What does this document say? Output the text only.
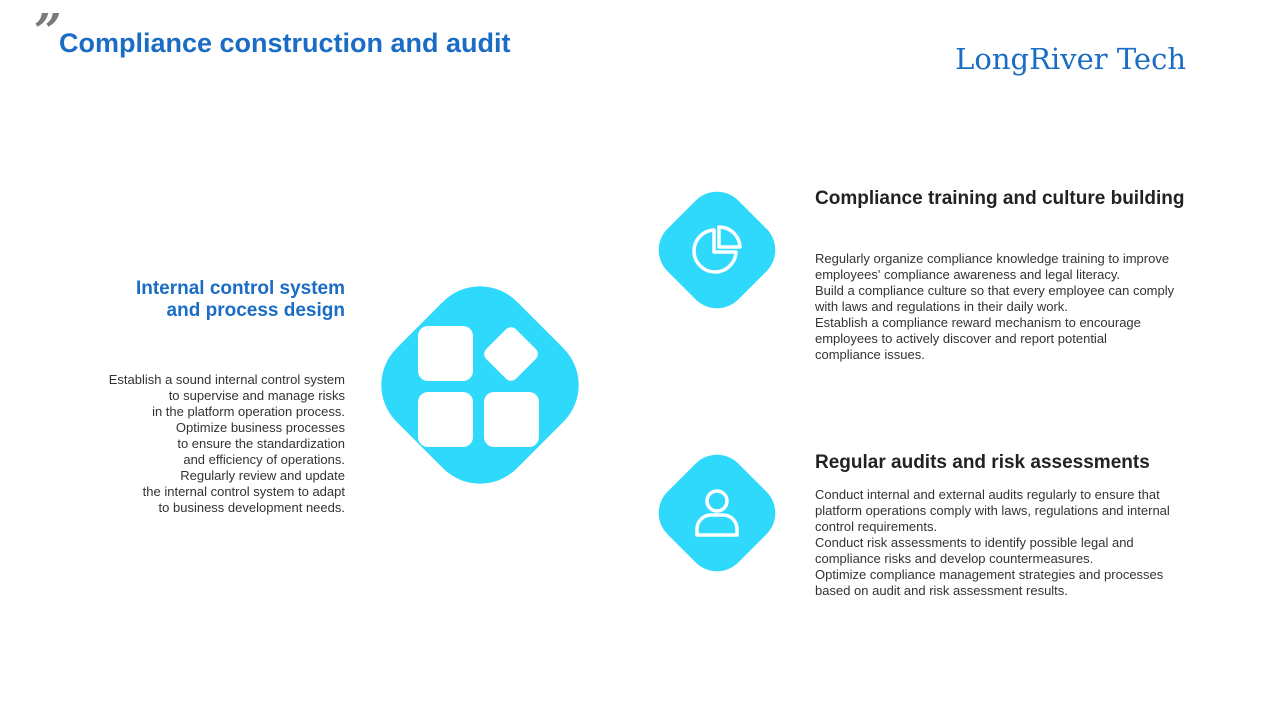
”
Compliance construction and audit	LongRiver Tech
Internal control system
and process design
Establish a sound internal control system
to supervise and manage risks
in the platform operation process.
Optimize business processes
to ensure the standardization
and efficiency of operations.
Regularly review and update
the internal control system to adapt
to business development needs.
Compliance training and culture building
Regularly organize compliance knowledge training to improve
employees' compliance awareness and legal literacy.
Build a compliance culture so that every employee can comply
with laws and regulations in their daily work.
Establish a compliance reward mechanism to encourage
employees to actively discover and report potential
compliance issues.
Regular audits and risk assessments
Conduct internal and external audits regularly to ensure that
platform operations comply with laws, regulations and internal
control requirements.
Conduct risk assessments to identify possible legal and
compliance risks and develop countermeasures.
Optimize compliance management strategies and processes
based on audit and risk assessment results.
